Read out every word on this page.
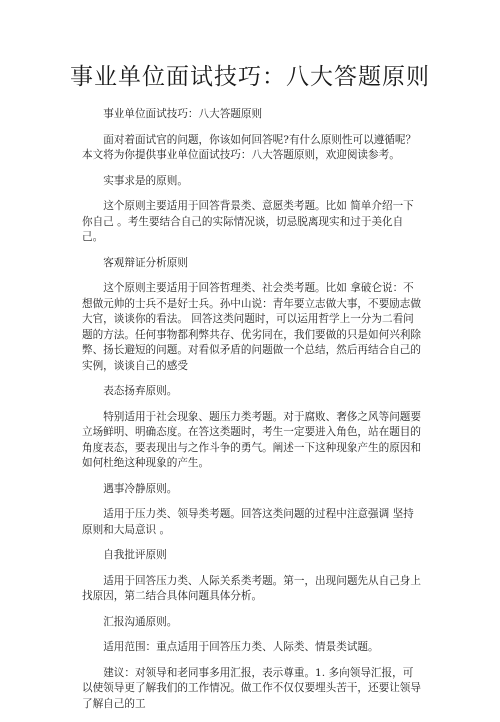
事业单位面试技巧：八大答题原则

事业单位面试技巧：八大答题原则

面对着面试官的问题，你该如何回答呢?有什么原则性可以遵循呢？本文将为你提供事业单位面试技巧：八大答题原则，欢迎阅读参考。

实事求是的原则。

这个原则主要适用于回答背景类、意愿类考题。比如 简单介绍一下你自己 。考生要结合自己的实际情况谈，切忌脱离现实和过于美化自己。

客观辩证分析原则

这个原则主要适用于回答哲理类、社会类考题。比如 拿破仑说：不想做元帅的士兵不是好士兵。孙中山说：青年要立志做大事，不要励志做大官，谈谈你的看法。 回答这类问题时，可以运用哲学上一分为二看问题的方法。任何事物都利弊共存、优劣同在，我们要做的只是如何兴利除弊、扬长避短的问题。对看似矛盾的问题做一个总结，然后再结合自己的实例，谈谈自己的感受

表态扬弃原则。

特别适用于社会现象、题压力类考题。对于腐败、奢侈之风等问题要立场鲜明、明确态度。在答这类题时，考生一定要进入角色，站在题目的角度表态，要表现出与之作斗争的勇气。阐述一下这种现象产生的原因和如何杜绝这种现象的产生。

遇事冷静原则。

适用于压力类、领导类考题。回答这类问题的过程中注意强调 坚持原则和大局意识 。

自我批评原则

适用于回答压力类、人际关系类考题。第一，出现问题先从自己身上找原因，第二结合具体问题具体分析。

汇报沟通原则。

适用范围：重点适用于回答压力类、人际类、情景类试题。

建议：对领导和老同事多用汇报，表示尊重。1. 多向领导汇报，可以使领导更了解我们的工作情况。做工作不仅仅要埋头苦干，还要让领导了解自己的工
